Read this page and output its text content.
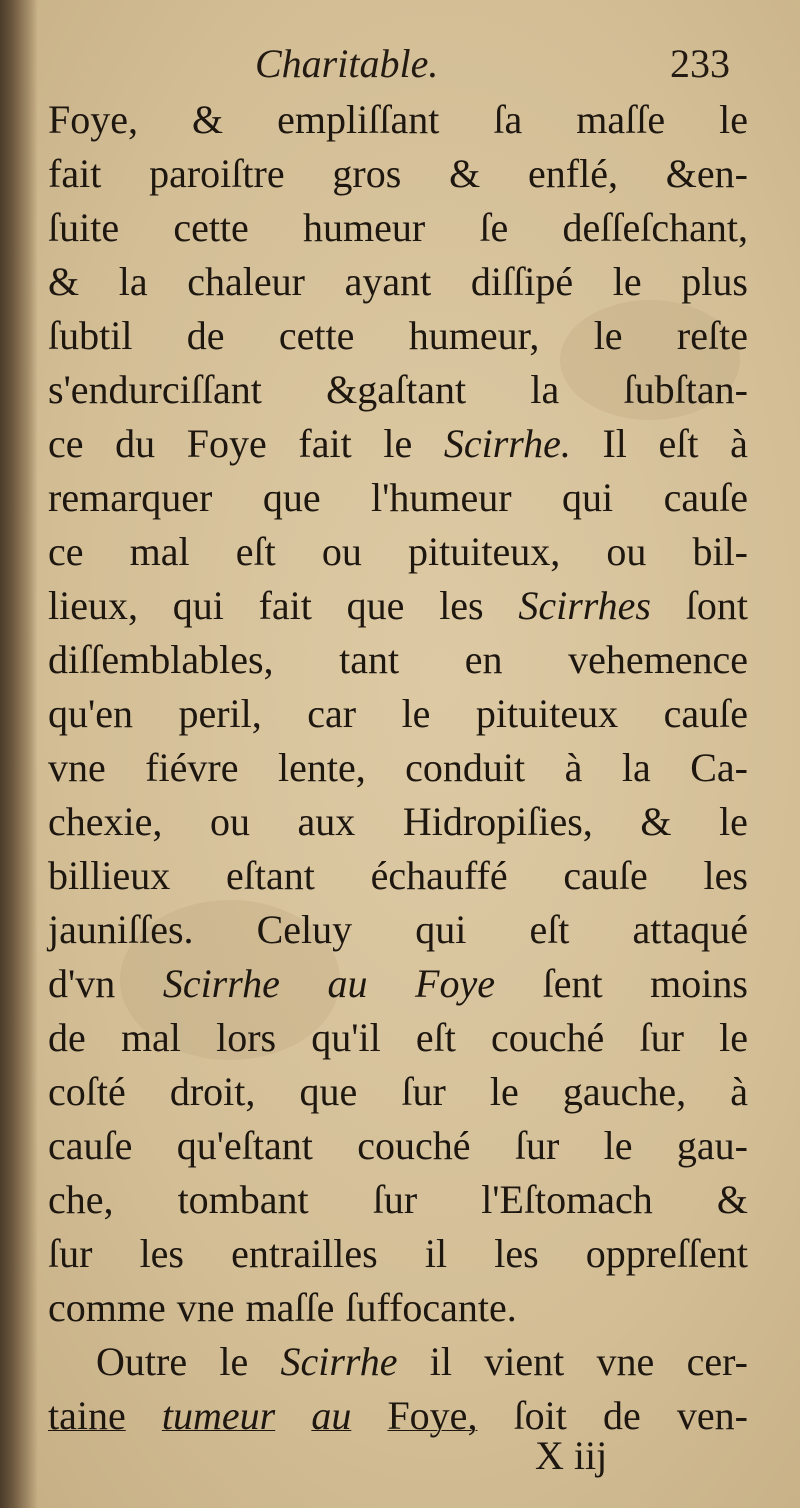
Charitable.	233
Foye, & empliſſant ſa maſſe le
fait paroiſtre gros & enflé, &en-
ſuite cette humeur ſe deſſeſchant,
& la chaleur ayant diſſipé le plus
ſubtil de cette humeur, le reſte
s'endurciſſant &gaſtant la ſubſtan-
ce du Foye fait le Scirrhe. Il eſt à
remarquer que l'humeur qui cauſe
ce mal eſt ou pituiteux, ou bil-
lieux, qui fait que les Scirrhes ſont
diſſemblables, tant en vehemence
qu'en peril, car le pituiteux cauſe
vne fiévre lente, conduit à la Ca-
chexie, ou aux Hidropiſies, & le
billieux eſtant échauffé cauſe les
jauniſſes. Celuy qui eſt attaqué
d'vn Scirrhe au Foye ſent moins
de mal lors qu'il eſt couché ſur le
coſté droit, que ſur le gauche, à
cauſe qu'eſtant couché ſur le gau-
che, tombant ſur l'Eſtomach &
ſur les entrailles il les oppreſſent
comme vne maſſe ſuffocante.
Outre le Scirrhe il vient vne cer-
taine tumeur au Foye, ſoit de ven-
X iij
